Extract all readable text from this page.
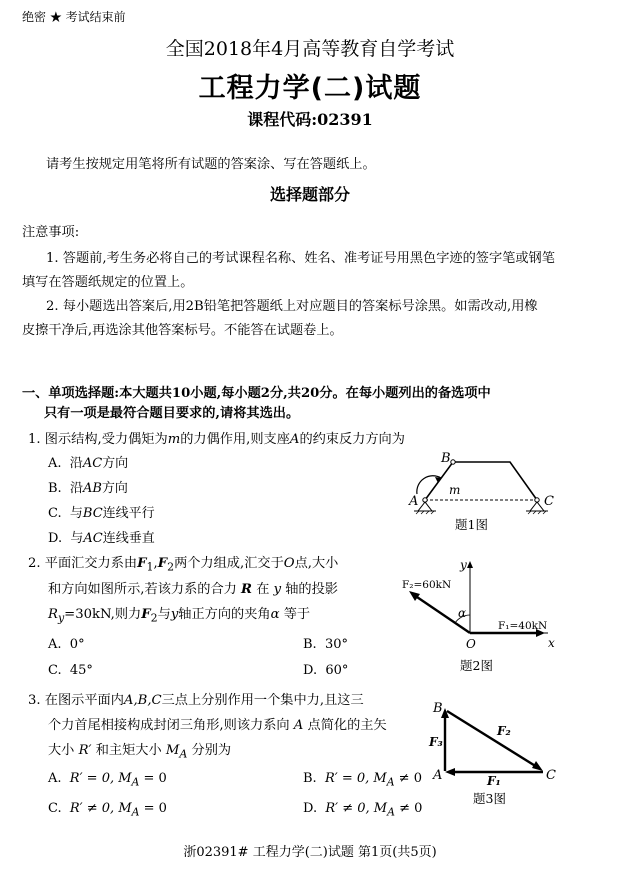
绝密 ★ 考试结束前
全国2018年4月高等教育自学考试
工程力学(二)试题
课程代码:02391
请考生按规定用笔将所有试题的答案涂、写在答题纸上。
选择题部分
注意事项:
1. 答题前,考生务必将自己的考试课程名称、姓名、准考证号用黑色字迹的签字笔或钢笔
填写在答题纸规定的位置上。
2. 每小题选出答案后,用2B铅笔把答题纸上对应题目的答案标号涂黑。如需改动,用橡
皮擦干净后,再选涂其他答案标号。不能答在试题卷上。
一、单项选择题:本大题共10小题,每小题2分,共20分。在每小题列出的备选项中
只有一项是最符合题目要求的,请将其选出。
1. 图示结构,受力偶矩为m的力偶作用,则支座A的约束反力方向为
A. 沿AC方向
B. 沿AB方向
C. 与BC连线平行
D. 与AC连线垂直
B
A	C
m
题1图
2. 平面汇交力系由$F_1,F_2$两个力组成,汇交于O点,大小
和方向如图所示,若该力系的合力 R 在 y 轴的投影
$R_y=30kN$,则力$F_2$与y轴正方向的夹角α 等于
A. 0°	B. 30°
C. 45°	D. 60°
y
x
O
F₂=60kN
F₁=40kN
α
题2图
3. 在图示平面内A,B,C三点上分别作用一个集中力,且这三
个力首尾相接构成封闭三角形,则该力系向 A 点简化的主矢
大小 R′ 和主矩大小 $M_A$ 分别为
A. R′ = 0, $M_A = 0$	B. R′ = 0, $M_A \ne 0$
C. R′ ≠ 0, $M_A = 0$	D. R′ ≠ 0, $M_A \ne 0$
B
A	C
F₃
F₂
F₁
题3图
浙02391# 工程力学(二)试题 第1页(共5页)
